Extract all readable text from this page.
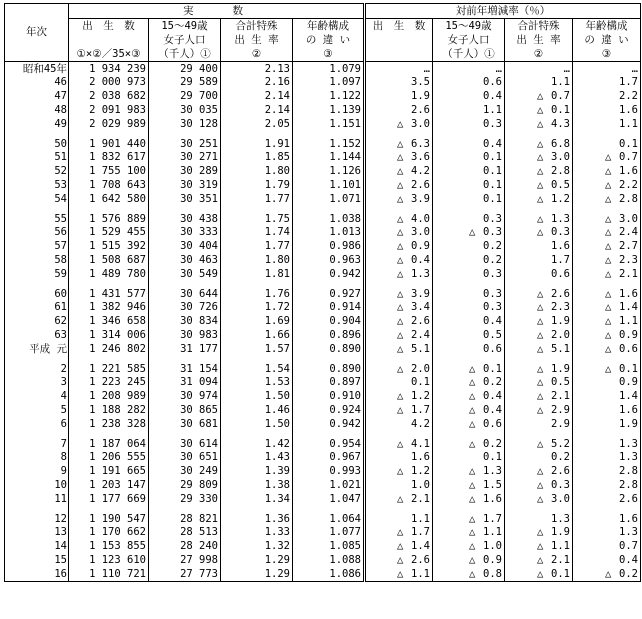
年次	実　　数				対前年増減率（％）			
	出　生　数	15～49歳	合計特殊	年齢構成	出　生　数	15～49歳	合計特殊	年齢構成
		女子人口	出 生 率	の 違 い		女子人口	出 生 率	の 違 い
	①×②／35×③	（千人）①	②	③		（千人）①	②	③
昭和45年	1 934 239	29 400	2.13	1.079	…	…	…	…
46	2 000 973	29 589	2.16	1.097	3.5	0.6	1.1	1.7
47	2 038 682	29 700	2.14	1.122	1.9	0.4	△ 0.7	2.2
48	2 091 983	30 035	2.14	1.139	2.6	1.1	△ 0.1	1.6
49	2 029 989	30 128	2.05	1.151	△ 3.0	0.3	△ 4.3	1.1

50	1 901 440	30 251	1.91	1.152	△ 6.3	0.4	△ 6.8	0.1
51	1 832 617	30 271	1.85	1.144	△ 3.6	0.1	△ 3.0	△ 0.7
52	1 755 100	30 289	1.80	1.126	△ 4.2	0.1	△ 2.8	△ 1.6
53	1 708 643	30 319	1.79	1.101	△ 2.6	0.1	△ 0.5	△ 2.2
54	1 642 580	30 351	1.77	1.071	△ 3.9	0.1	△ 1.2	△ 2.8

55	1 576 889	30 438	1.75	1.038	△ 4.0	0.3	△ 1.3	△ 3.0
56	1 529 455	30 333	1.74	1.013	△ 3.0	△ 0.3	△ 0.3	△ 2.4
57	1 515 392	30 404	1.77	0.986	△ 0.9	0.2	1.6	△ 2.7
58	1 508 687	30 463	1.80	0.963	△ 0.4	0.2	1.7	△ 2.3
59	1 489 780	30 549	1.81	0.942	△ 1.3	0.3	0.6	△ 2.1

60	1 431 577	30 644	1.76	0.927	△ 3.9	0.3	△ 2.6	△ 1.6
61	1 382 946	30 726	1.72	0.914	△ 3.4	0.3	△ 2.3	△ 1.4
62	1 346 658	30 834	1.69	0.904	△ 2.6	0.4	△ 1.9	△ 1.1
63	1 314 006	30 983	1.66	0.896	△ 2.4	0.5	△ 2.0	△ 0.9
平成 元	1 246 802	31 177	1.57	0.890	△ 5.1	0.6	△ 5.1	△ 0.6

2	1 221 585	31 154	1.54	0.890	△ 2.0	△ 0.1	△ 1.9	△ 0.1
3	1 223 245	31 094	1.53	0.897	0.1	△ 0.2	△ 0.5	0.9
4	1 208 989	30 974	1.50	0.910	△ 1.2	△ 0.4	△ 2.1	1.4
5	1 188 282	30 865	1.46	0.924	△ 1.7	△ 0.4	△ 2.9	1.6
6	1 238 328	30 681	1.50	0.942	4.2	△ 0.6	2.9	1.9

7	1 187 064	30 614	1.42	0.954	△ 4.1	△ 0.2	△ 5.2	1.3
8	1 206 555	30 651	1.43	0.967	1.6	0.1	0.2	1.3
9	1 191 665	30 249	1.39	0.993	△ 1.2	△ 1.3	△ 2.6	2.8
10	1 203 147	29 809	1.38	1.021	1.0	△ 1.5	△ 0.3	2.8
11	1 177 669	29 330	1.34	1.047	△ 2.1	△ 1.6	△ 3.0	2.6

12	1 190 547	28 821	1.36	1.064	1.1	△ 1.7	1.3	1.6
13	1 170 662	28 513	1.33	1.077	△ 1.7	△ 1.1	△ 1.9	1.3
14	1 153 855	28 240	1.32	1.085	△ 1.4	△ 1.0	△ 1.1	0.7
15	1 123 610	27 998	1.29	1.088	△ 2.6	△ 0.9	△ 2.1	0.4
16	1 110 721	27 773	1.29	1.086	△ 1.1	△ 0.8	△ 0.1	△ 0.2
